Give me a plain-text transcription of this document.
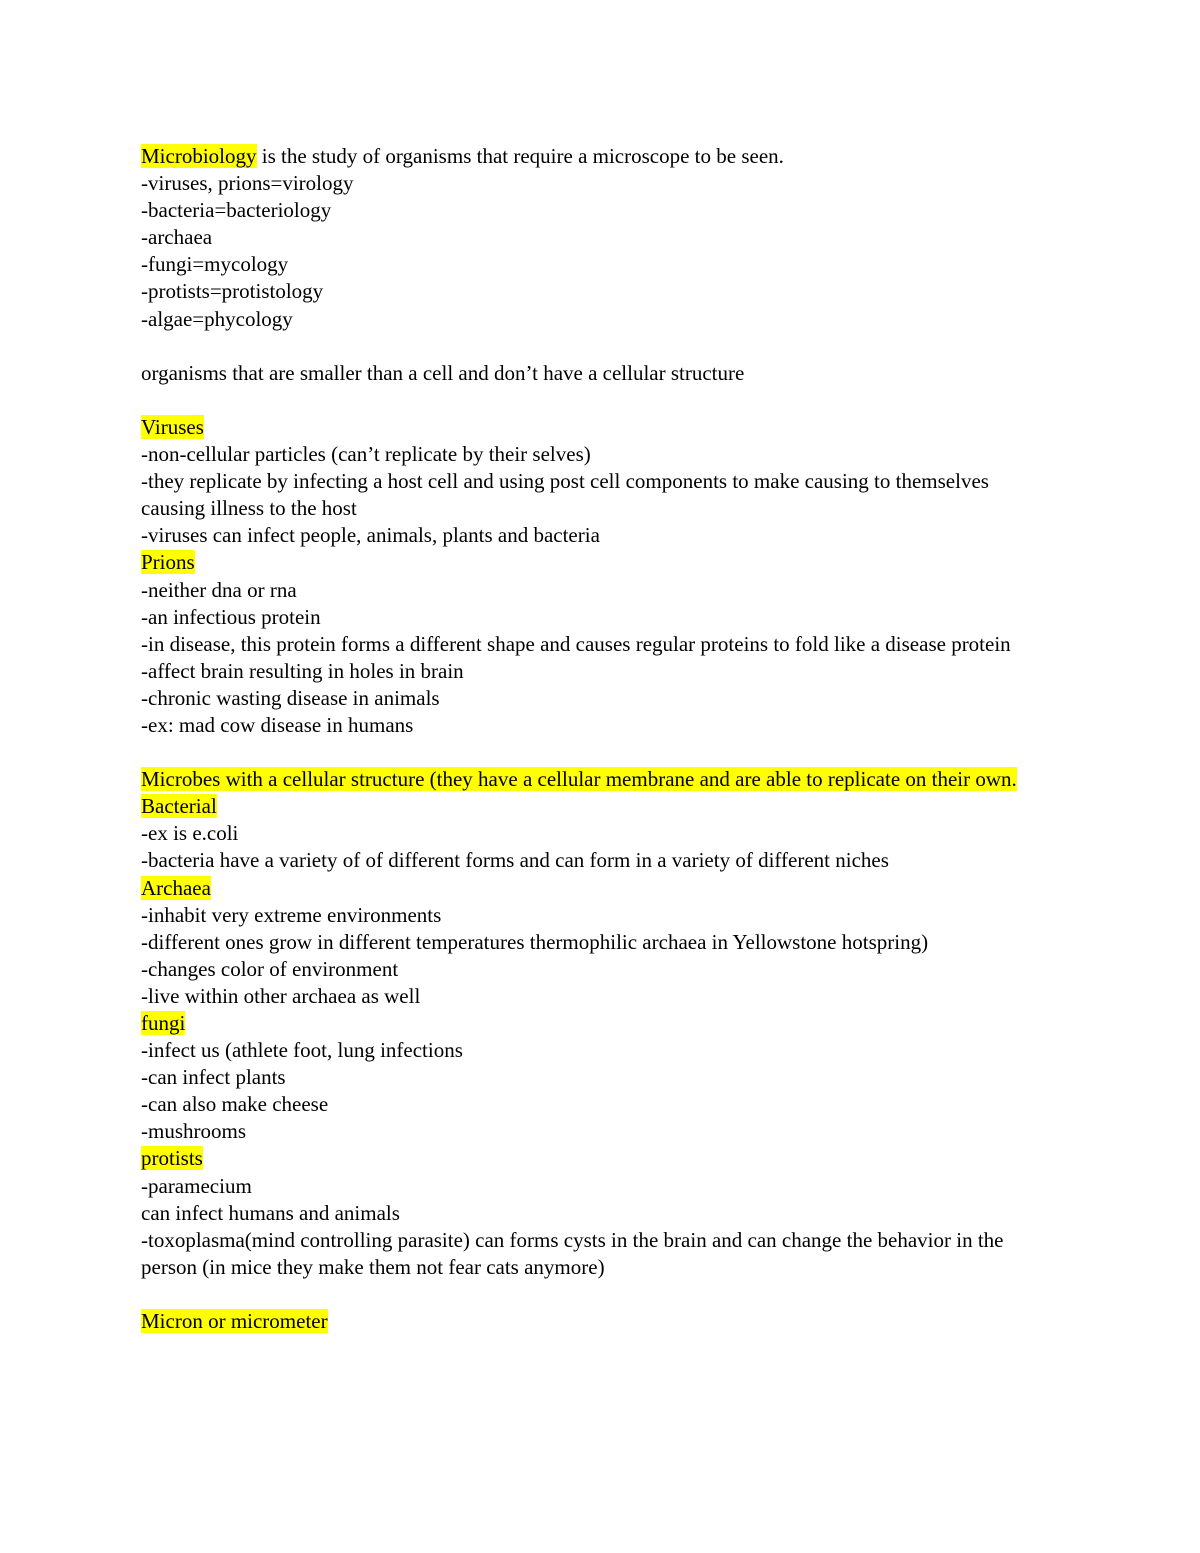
Microbiology is the study of organisms that require a microscope to be seen.

-viruses, prions=virology

-bacteria=bacteriology

-archaea

-fungi=mycology

-protists=protistology

-algae=phycology

organisms that are smaller than a cell and don’t have a cellular structure

Viruses

-non-cellular particles (can’t replicate by their selves)

-they replicate by infecting a host cell and using post cell components to make causing to themselves causing illness to the host

-viruses can infect people, animals, plants and bacteria

Prions

-neither dna or rna

-an infectious protein

-in disease, this protein forms a different shape and causes regular proteins to fold like a disease protein

-affect brain resulting in holes in brain

-chronic wasting disease in animals

-ex: mad cow disease in humans

Microbes with a cellular structure (they have a cellular membrane and are able to replicate on their own.

Bacterial

-ex is e.coli

-bacteria have a variety of of different forms and can form in a variety of different niches

Archaea

-inhabit very extreme environments

-different ones grow in different temperatures thermophilic archaea in Yellowstone hotspring)

-changes color of environment

-live within other archaea as well

fungi

-infect us (athlete foot, lung infections

-can infect plants

-can also make cheese

-mushrooms

protists

-paramecium

can infect humans and animals

-toxoplasma(mind controlling parasite) can forms cysts in the brain and can change the behavior in the person (in mice they make them not fear cats anymore)

Micron or micrometer
